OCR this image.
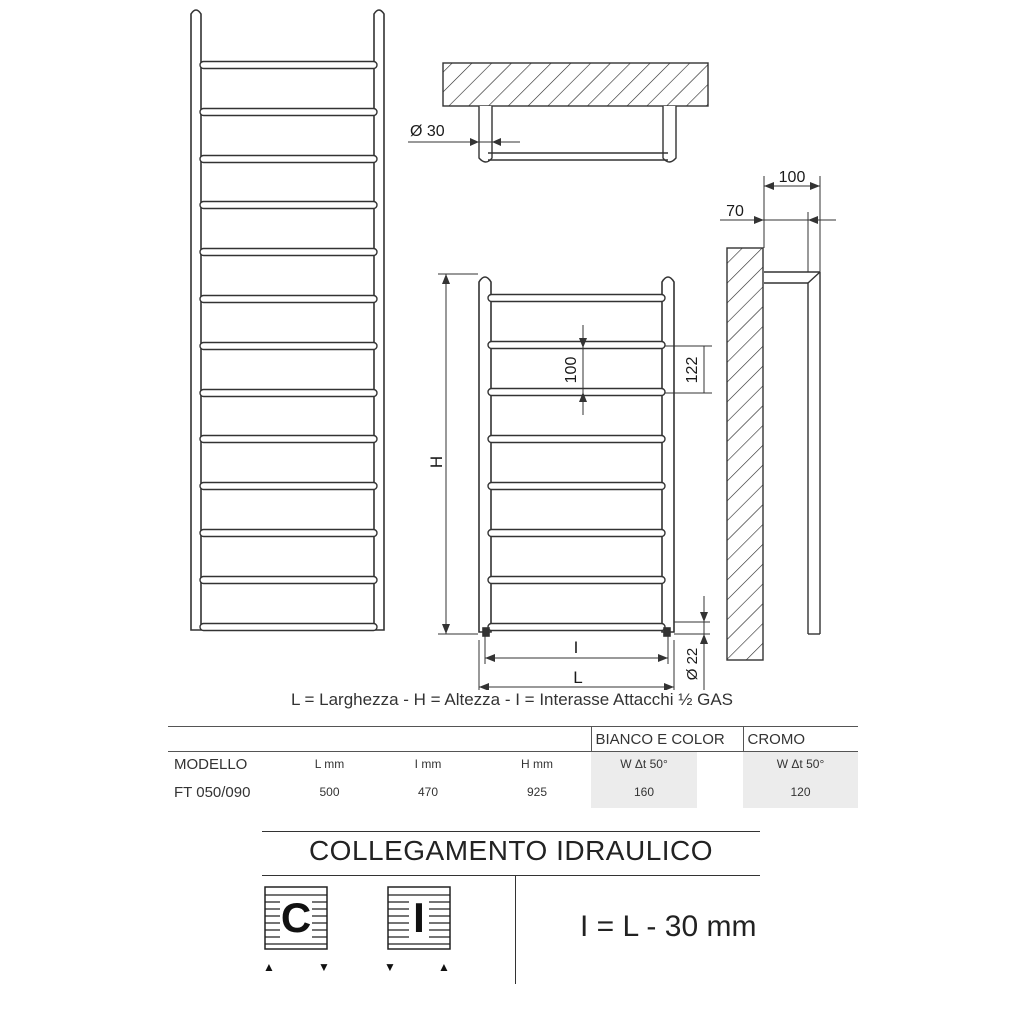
Ø 30
H
100	122
I
L	Ø 22
100
70
L = Larghezza - H = Altezza - I = Interasse Attacchi ½ GAS
				BIANCO E COLOR		CROMO
MODELLO	L mm	I mm	H mm	W Δt 50°		W Δt 50°
FT 050/090	500	470	925	160		120
COLLEGAMENTO IDRAULICO
C
▲	▼
I
▼	▲
I = L - 30 mm
